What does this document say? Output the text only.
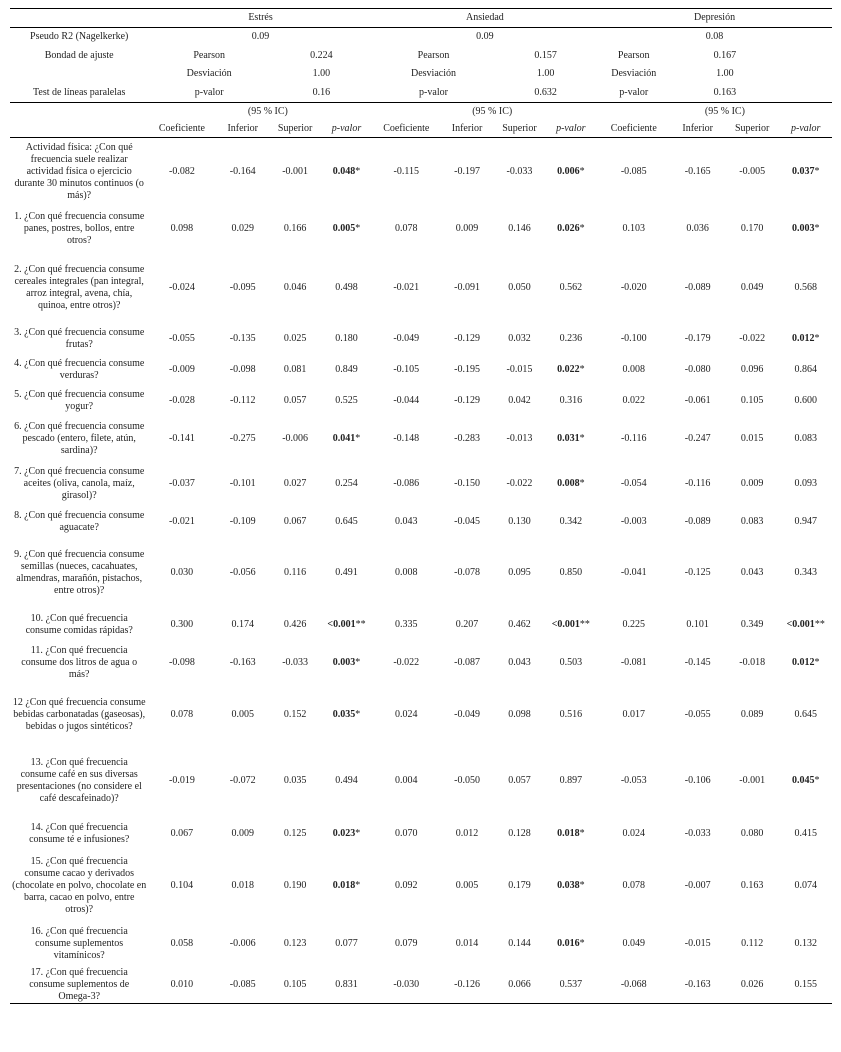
	Estrés				Ansiedad				Depresión			
Pseudo R2 (Nagelkerke)	0.09				0.09				0.08			
Bondad de ajuste	Pearson		0.224		Pearson		0.157		Pearson	0.167		
	Desviación		1.00		Desviación		1.00		Desviación	1.00		
Test de líneas paralelas	p-valor		0.16		p-valor		0.632		p-valor	0.163		
		(95 % IC)				(95 % IC)				(95 % IC)		
	Coeficiente	Inferior	Superior	p-valor	Coeficiente	Inferior	Superior	p-valor	Coeficiente	Inferior	Superior	p-valor
Actividad física: ¿Con qué frecuencia suele realizar actividad física o ejercicio durante 30 minutos continuos (o más)?	-0.082	-0.164	-0.001	0.048*	-0.115	-0.197	-0.033	0.006*	-0.085	-0.165	-0.005	0.037*
1. ¿Con qué frecuencia consume panes, postres, bollos, entre otros?	0.098	0.029	0.166	0.005*	0.078	0.009	0.146	0.026*	0.103	0.036	0.170	0.003*
2. ¿Con qué frecuencia consume cereales integrales (pan integral, arroz integral, avena, chía, quinoa, entre otros)?	-0.024	-0.095	0.046	0.498	-0.021	-0.091	0.050	0.562	-0.020	-0.089	0.049	0.568
3. ¿Con qué frecuencia consume frutas?	-0.055	-0.135	0.025	0.180	-0.049	-0.129	0.032	0.236	-0.100	-0.179	-0.022	0.012*
4. ¿Con qué frecuencia consume verduras?	-0.009	-0.098	0.081	0.849	-0.105	-0.195	-0.015	0.022*	0.008	-0.080	0.096	0.864
5. ¿Con qué frecuencia consume yogur?	-0.028	-0.112	0.057	0.525	-0.044	-0.129	0.042	0.316	0.022	-0.061	0.105	0.600
6. ¿Con qué frecuencia consume pescado (entero, filete, atún, sardina)?	-0.141	-0.275	-0.006	0.041*	-0.148	-0.283	-0.013	0.031*	-0.116	-0.247	0.015	0.083
7. ¿Con qué frecuencia consume aceites (oliva, canola, maíz, girasol)?	-0.037	-0.101	0.027	0.254	-0.086	-0.150	-0.022	0.008*	-0.054	-0.116	0.009	0.093
8. ¿Con qué frecuencia consume aguacate?	-0.021	-0.109	0.067	0.645	0.043	-0.045	0.130	0.342	-0.003	-0.089	0.083	0.947
9. ¿Con qué frecuencia consume semillas (nueces, cacahuates, almendras, marañón, pistachos, entre otros)?	0.030	-0.056	0.116	0.491	0.008	-0.078	0.095	0.850	-0.041	-0.125	0.043	0.343
10. ¿Con qué frecuencia consume comidas rápidas?	0.300	0.174	0.426	<0.001**	0.335	0.207	0.462	<0.001**	0.225	0.101	0.349	<0.001**
11. ¿Con qué frecuencia consume dos litros de agua o más?	-0.098	-0.163	-0.033	0.003*	-0.022	-0.087	0.043	0.503	-0.081	-0.145	-0.018	0.012*
12 ¿Con qué frecuencia consume bebidas carbonatadas (gaseosas), bebidas o jugos sintéticos?	0.078	0.005	0.152	0.035*	0.024	-0.049	0.098	0.516	0.017	-0.055	0.089	0.645
13. ¿Con qué frecuencia consume café en sus diversas presentaciones (no considere el café descafeinado)?	-0.019	-0.072	0.035	0.494	0.004	-0.050	0.057	0.897	-0.053	-0.106	-0.001	0.045*
14. ¿Con qué frecuencia consume té e infusiones?	0.067	0.009	0.125	0.023*	0.070	0.012	0.128	0.018*	0.024	-0.033	0.080	0.415
15. ¿Con qué frecuencia consume cacao y derivados (chocolate en polvo, chocolate en barra, cacao en polvo, entre otros)?	0.104	0.018	0.190	0.018*	0.092	0.005	0.179	0.038*	0.078	-0.007	0.163	0.074
16. ¿Con qué frecuencia consume suplementos vitamínicos?	0.058	-0.006	0.123	0.077	0.079	0.014	0.144	0.016*	0.049	-0.015	0.112	0.132
17. ¿Con qué frecuencia consume suplementos de Omega-3?	0.010	-0.085	0.105	0.831	-0.030	-0.126	0.066	0.537	-0.068	-0.163	0.026	0.155
